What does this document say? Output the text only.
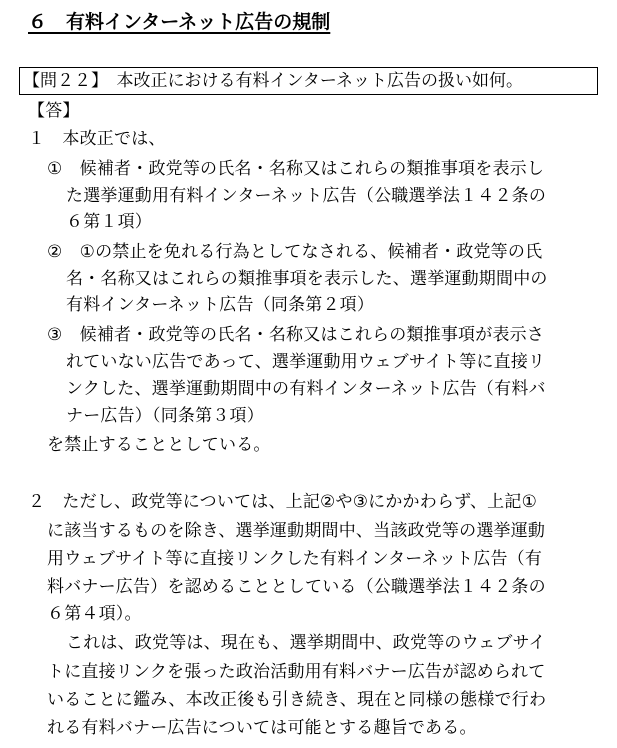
６　有料インターネット広告の規制
【問２２】　本改正における有料インターネット広告の扱い如何。
【答】
１　本改正では、
①　候補者・政党等の氏名・名称又はこれらの類推事項を表示し
た選挙運動用有料インターネット広告（公職選挙法１４２条の
６第１項）
②　①の禁止を免れる行為としてなされる、候補者・政党等の氏
名・名称又はこれらの類推事項を表示した、選挙運動期間中の
有料インターネット広告（同条第２項）
③　候補者・政党等の氏名・名称又はこれらの類推事項が表示さ
れていない広告であって、選挙運動用ウェブサイト等に直接リ
ンクした、選挙運動期間中の有料インターネット広告（有料バ
ナー広告）（同条第３項）
を禁止することとしている。
２　ただし、政党等については、上記②や③にかかわらず、上記①
に該当するものを除き、選挙運動期間中、当該政党等の選挙運動
用ウェブサイト等に直接リンクした有料インターネット広告（有
料バナー広告）を認めることとしている（公職選挙法１４２条の
６第４項）。
これは、政党等は、現在も、選挙期間中、政党等のウェブサイ
トに直接リンクを張った政治活動用有料バナー広告が認められて
いることに鑑み、本改正後も引き続き、現在と同様の態様で行わ
れる有料バナー広告については可能とする趣旨である。
